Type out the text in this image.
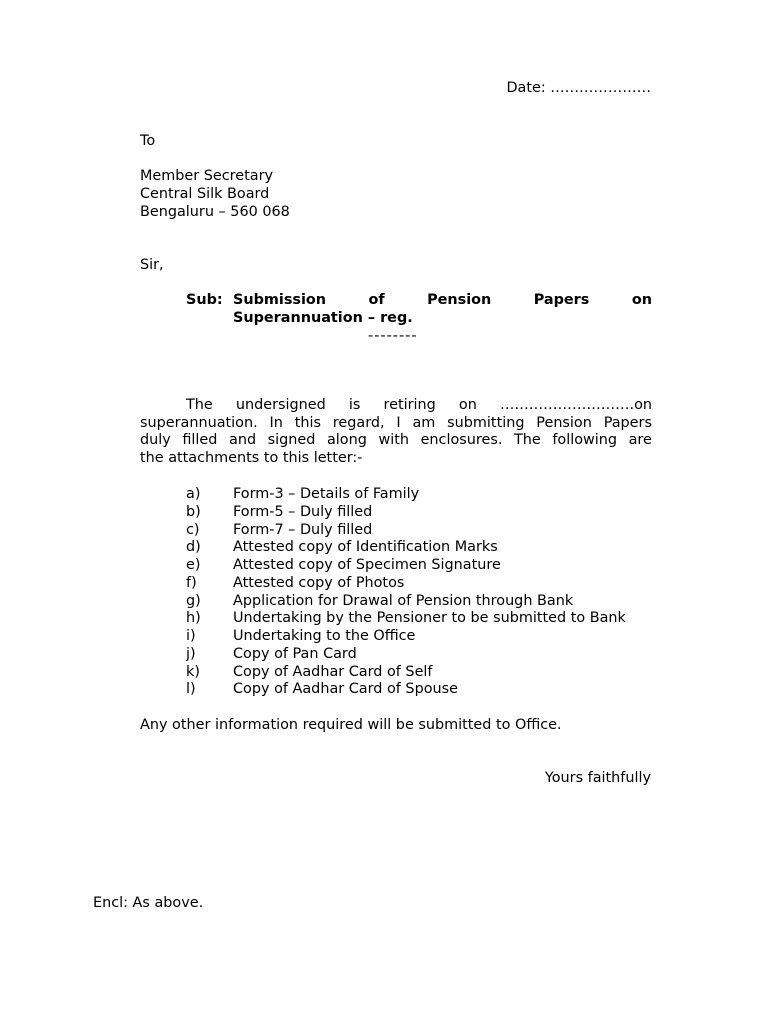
Date: …………………
To
Member Secretary
Central Silk Board
Bengaluru – 560 068
Sir,
Sub: Submission	of	Pension	Papers	on
Superannuation – reg.
--------
The undersigned is retiring on ……………………….on
superannuation. In this regard, I am submitting Pension Papers
duly filled and signed along with enclosures. The following are
the attachments to this letter:-
a)	Form-3 – Details of Family
b)	Form-5 – Duly filled
c)	Form-7 – Duly filled
d)	Attested copy of Identification Marks
e)	Attested copy of Specimen Signature
f)	Attested copy of Photos
g)	Application for Drawal of Pension through Bank
h)	Undertaking by the Pensioner to be submitted to Bank
i)	Undertaking to the Office
j)	Copy of Pan Card
k)	Copy of Aadhar Card of Self
l)	Copy of Aadhar Card of Spouse
Any other information required will be submitted to Office.
Yours faithfully
Encl: As above.
